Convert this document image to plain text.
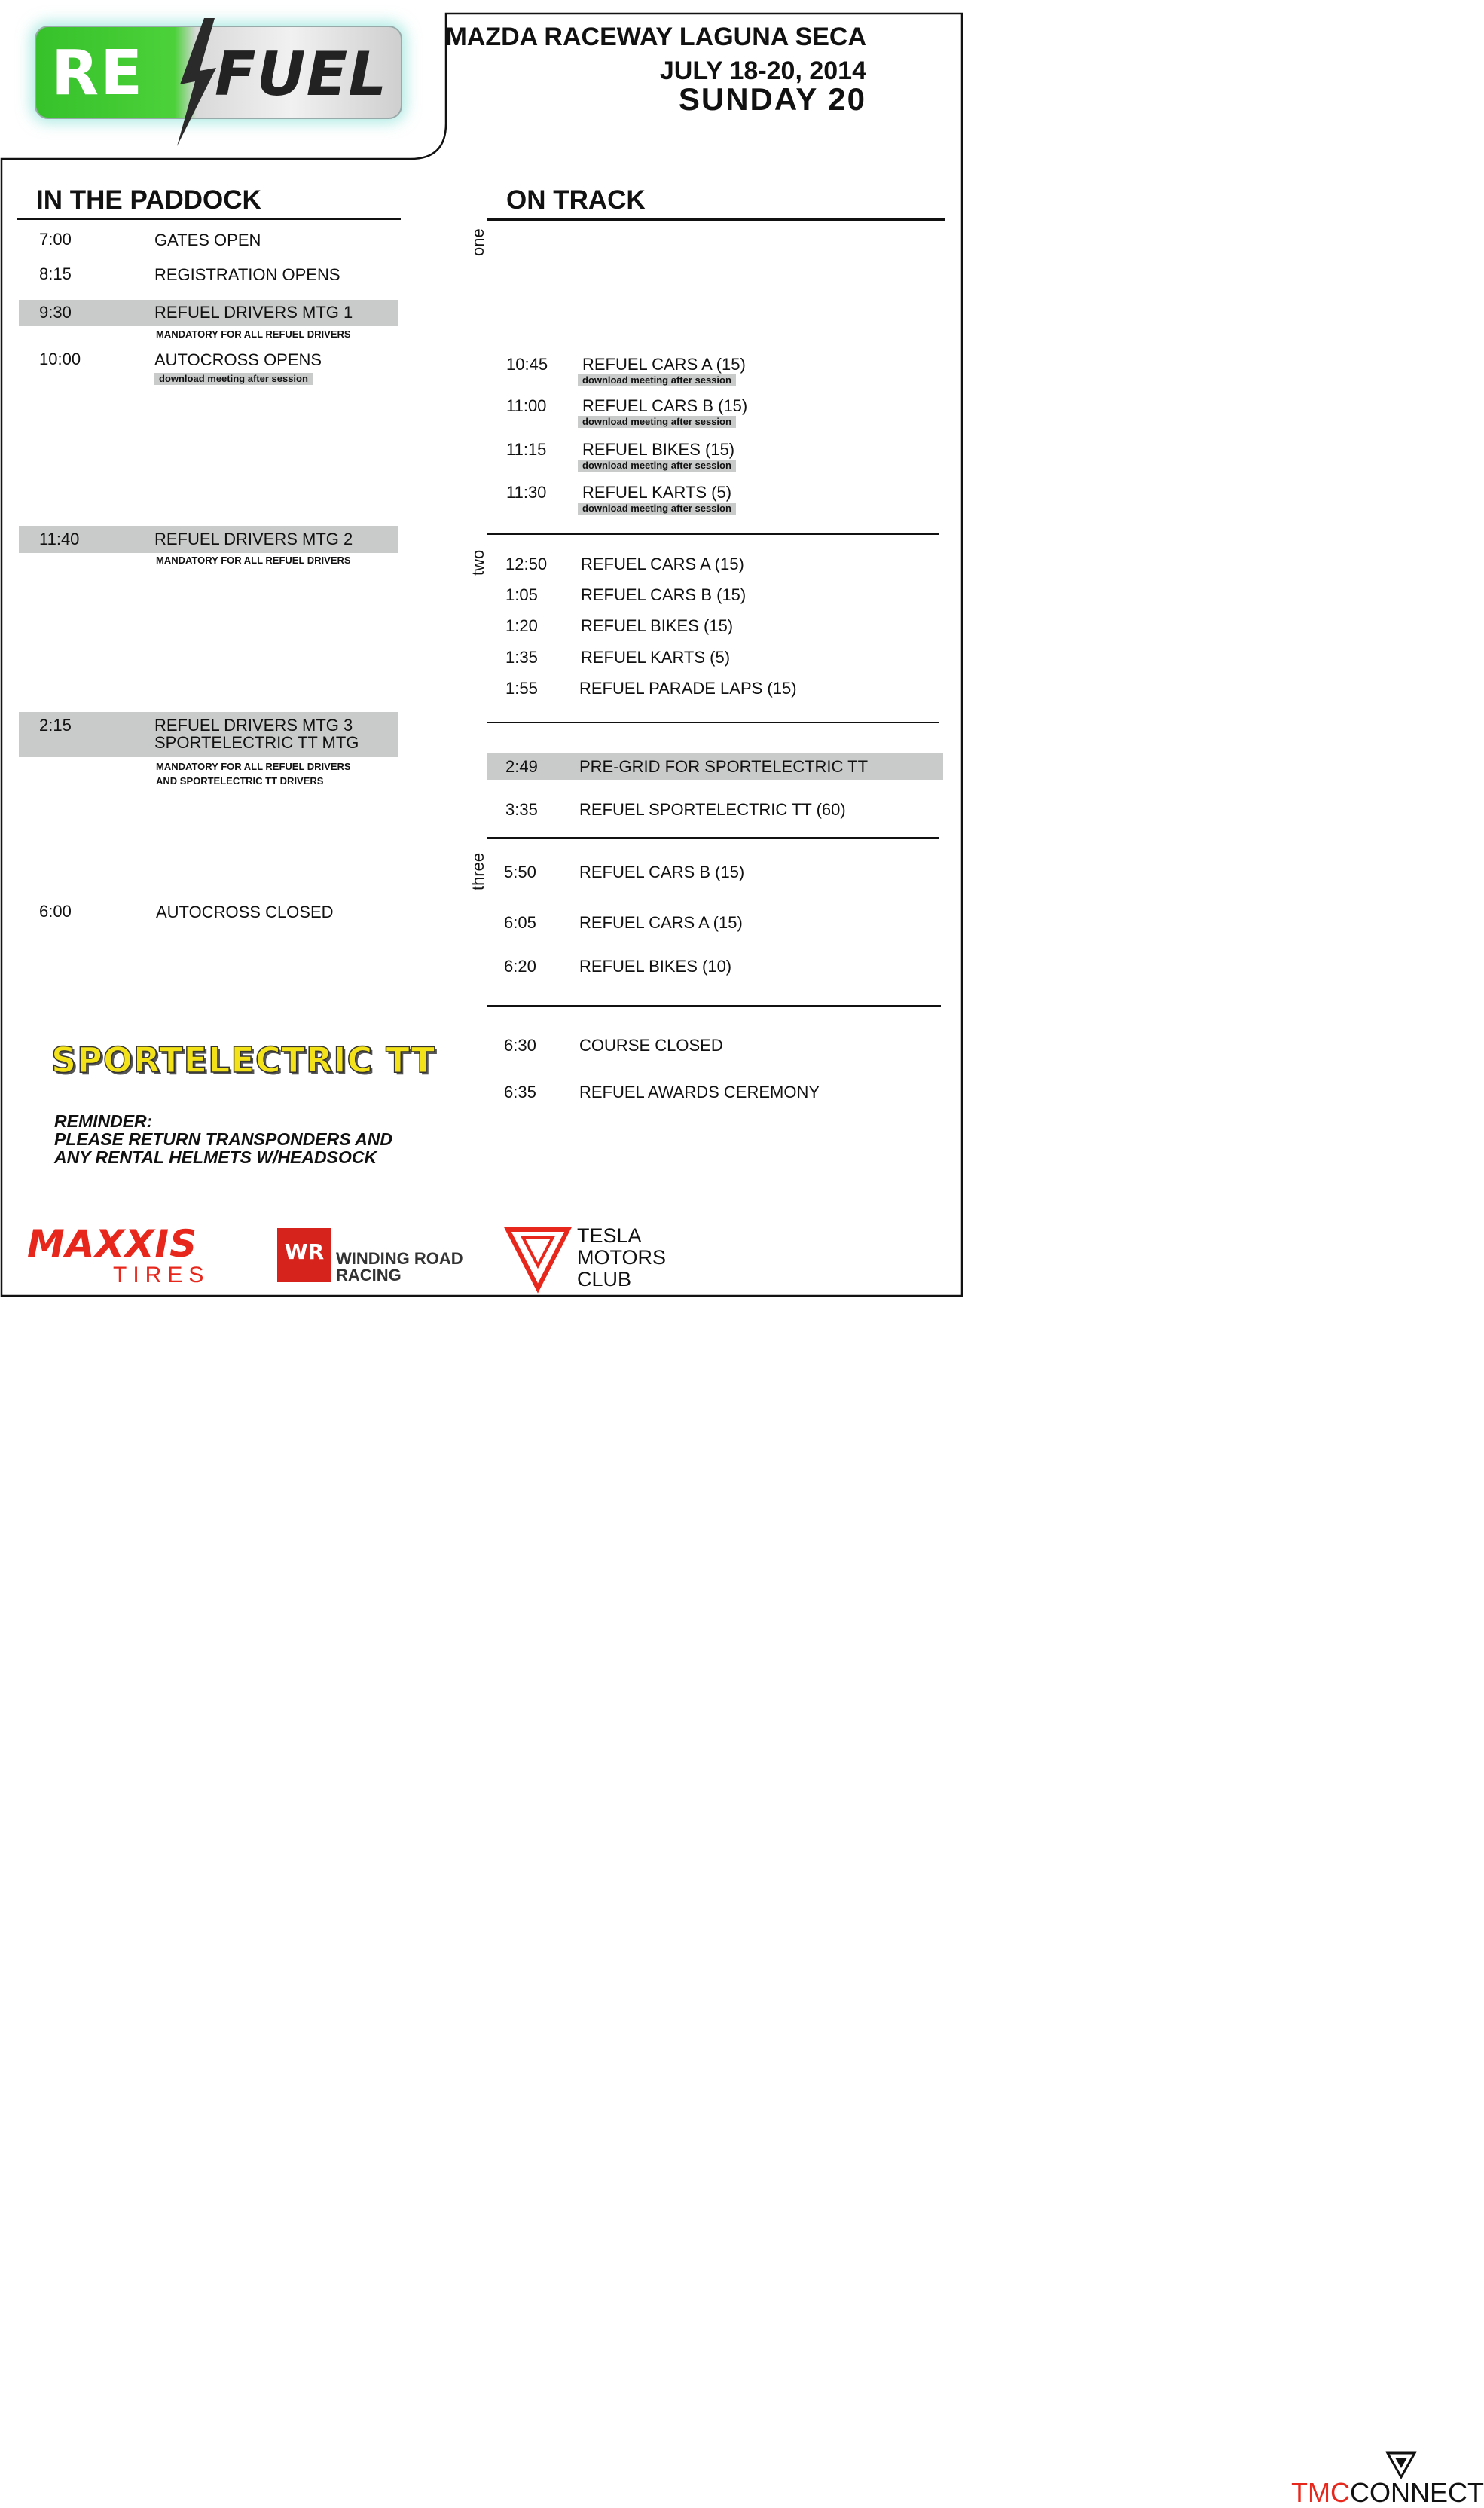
RE FUEL
MAZDA RACEWAY LAGUNA SECA
JULY 18-20, 2014
SUNDAY 20
IN THE PADDOCK
7:00	GATES OPEN
8:15	REGISTRATION OPENS
9:30	REFUEL DRIVERS MTG 1
MANDATORY FOR ALL REFUEL DRIVERS
10:00	AUTOCROSS OPENS
download meeting after session
11:40	REFUEL DRIVERS MTG 2
MANDATORY FOR ALL REFUEL DRIVERS
2:15	REFUEL DRIVERS MTG 3
SPORTELECTRIC TT MTG
MANDATORY FOR ALL REFUEL DRIVERS
AND SPORTELECTRIC TT DRIVERS
6:00	AUTOCROSS CLOSED
ON TRACK
one
two
three
10:45 REFUEL CARS A (15)
download meeting after session
11:00 REFUEL CARS B (15)
download meeting after session
11:15 REFUEL BIKES (15)
download meeting after session
11:30 REFUEL KARTS (5)
download meeting after session
12:50 REFUEL CARS A (15)
1:05	REFUEL CARS B (15)
1:20	REFUEL BIKES (15)
1:35	REFUEL KARTS (5)
1:55	REFUEL PARADE LAPS (15)
2:49	PRE-GRID FOR SPORTELECTRIC TT
3:35	REFUEL SPORTELECTRIC TT (60)
5:50	REFUEL CARS B (15)
6:05	REFUEL CARS A (15)
6:20	REFUEL BIKES (10)
6:30	COURSE CLOSED
6:35	REFUEL AWARDS CEREMONY
SPORTELECTRIC TT
REMINDER:
PLEASE RETURN TRANSPONDERS AND
ANY RENTAL HELMETS W/HEADSOCK
MAXXIS
TIRES
WR WINDING ROAD
RACING
TESLA
MOTORS
CLUB
TMCCONNECT
